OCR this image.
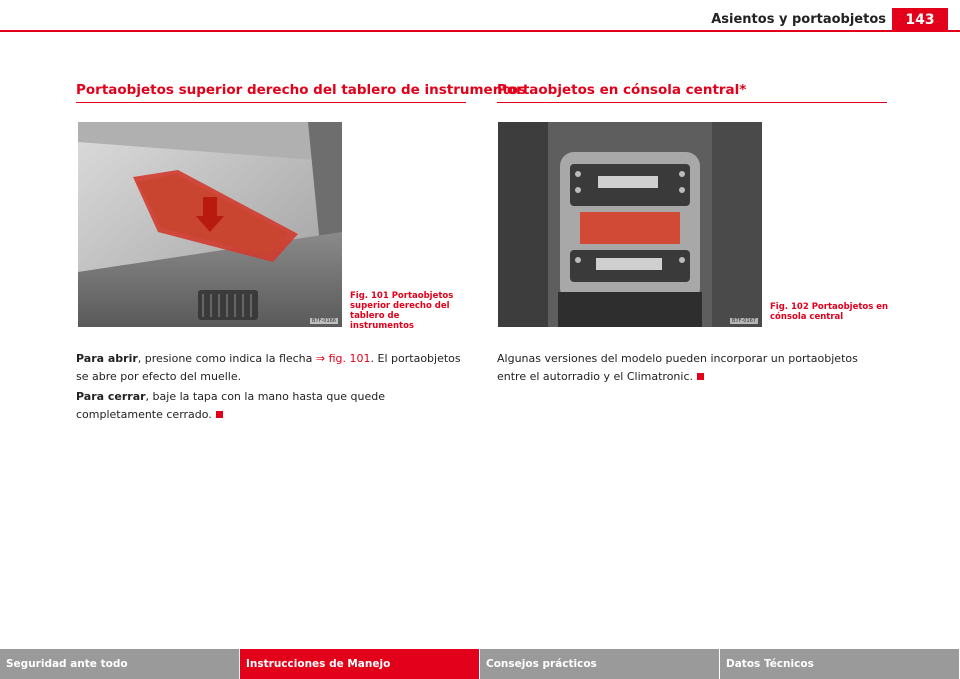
Asientos y portaobjetos	143
Portaobjetos superior derecho del tablero de instrumentos
Portaobjetos en cónsola central*
B7F-0166	B7F-0167
Fig. 101 Portaobjetos superior derecho del tablero de instrumentos
Fig. 102 Portaobjetos en cónsola central
Para abrir, presione como indica la flecha ⇒ fig. 101. El portaobjetos se abre por efecto del muelle.
Para cerrar, baje la tapa con la mano hasta que quede completamente cerrado.
Algunas versiones del modelo pueden incorporar un portaobjetos entre el autorradio y el Climatronic.
Seguridad ante todo	Instrucciones de Manejo	Consejos prácticos	Datos Técnicos
